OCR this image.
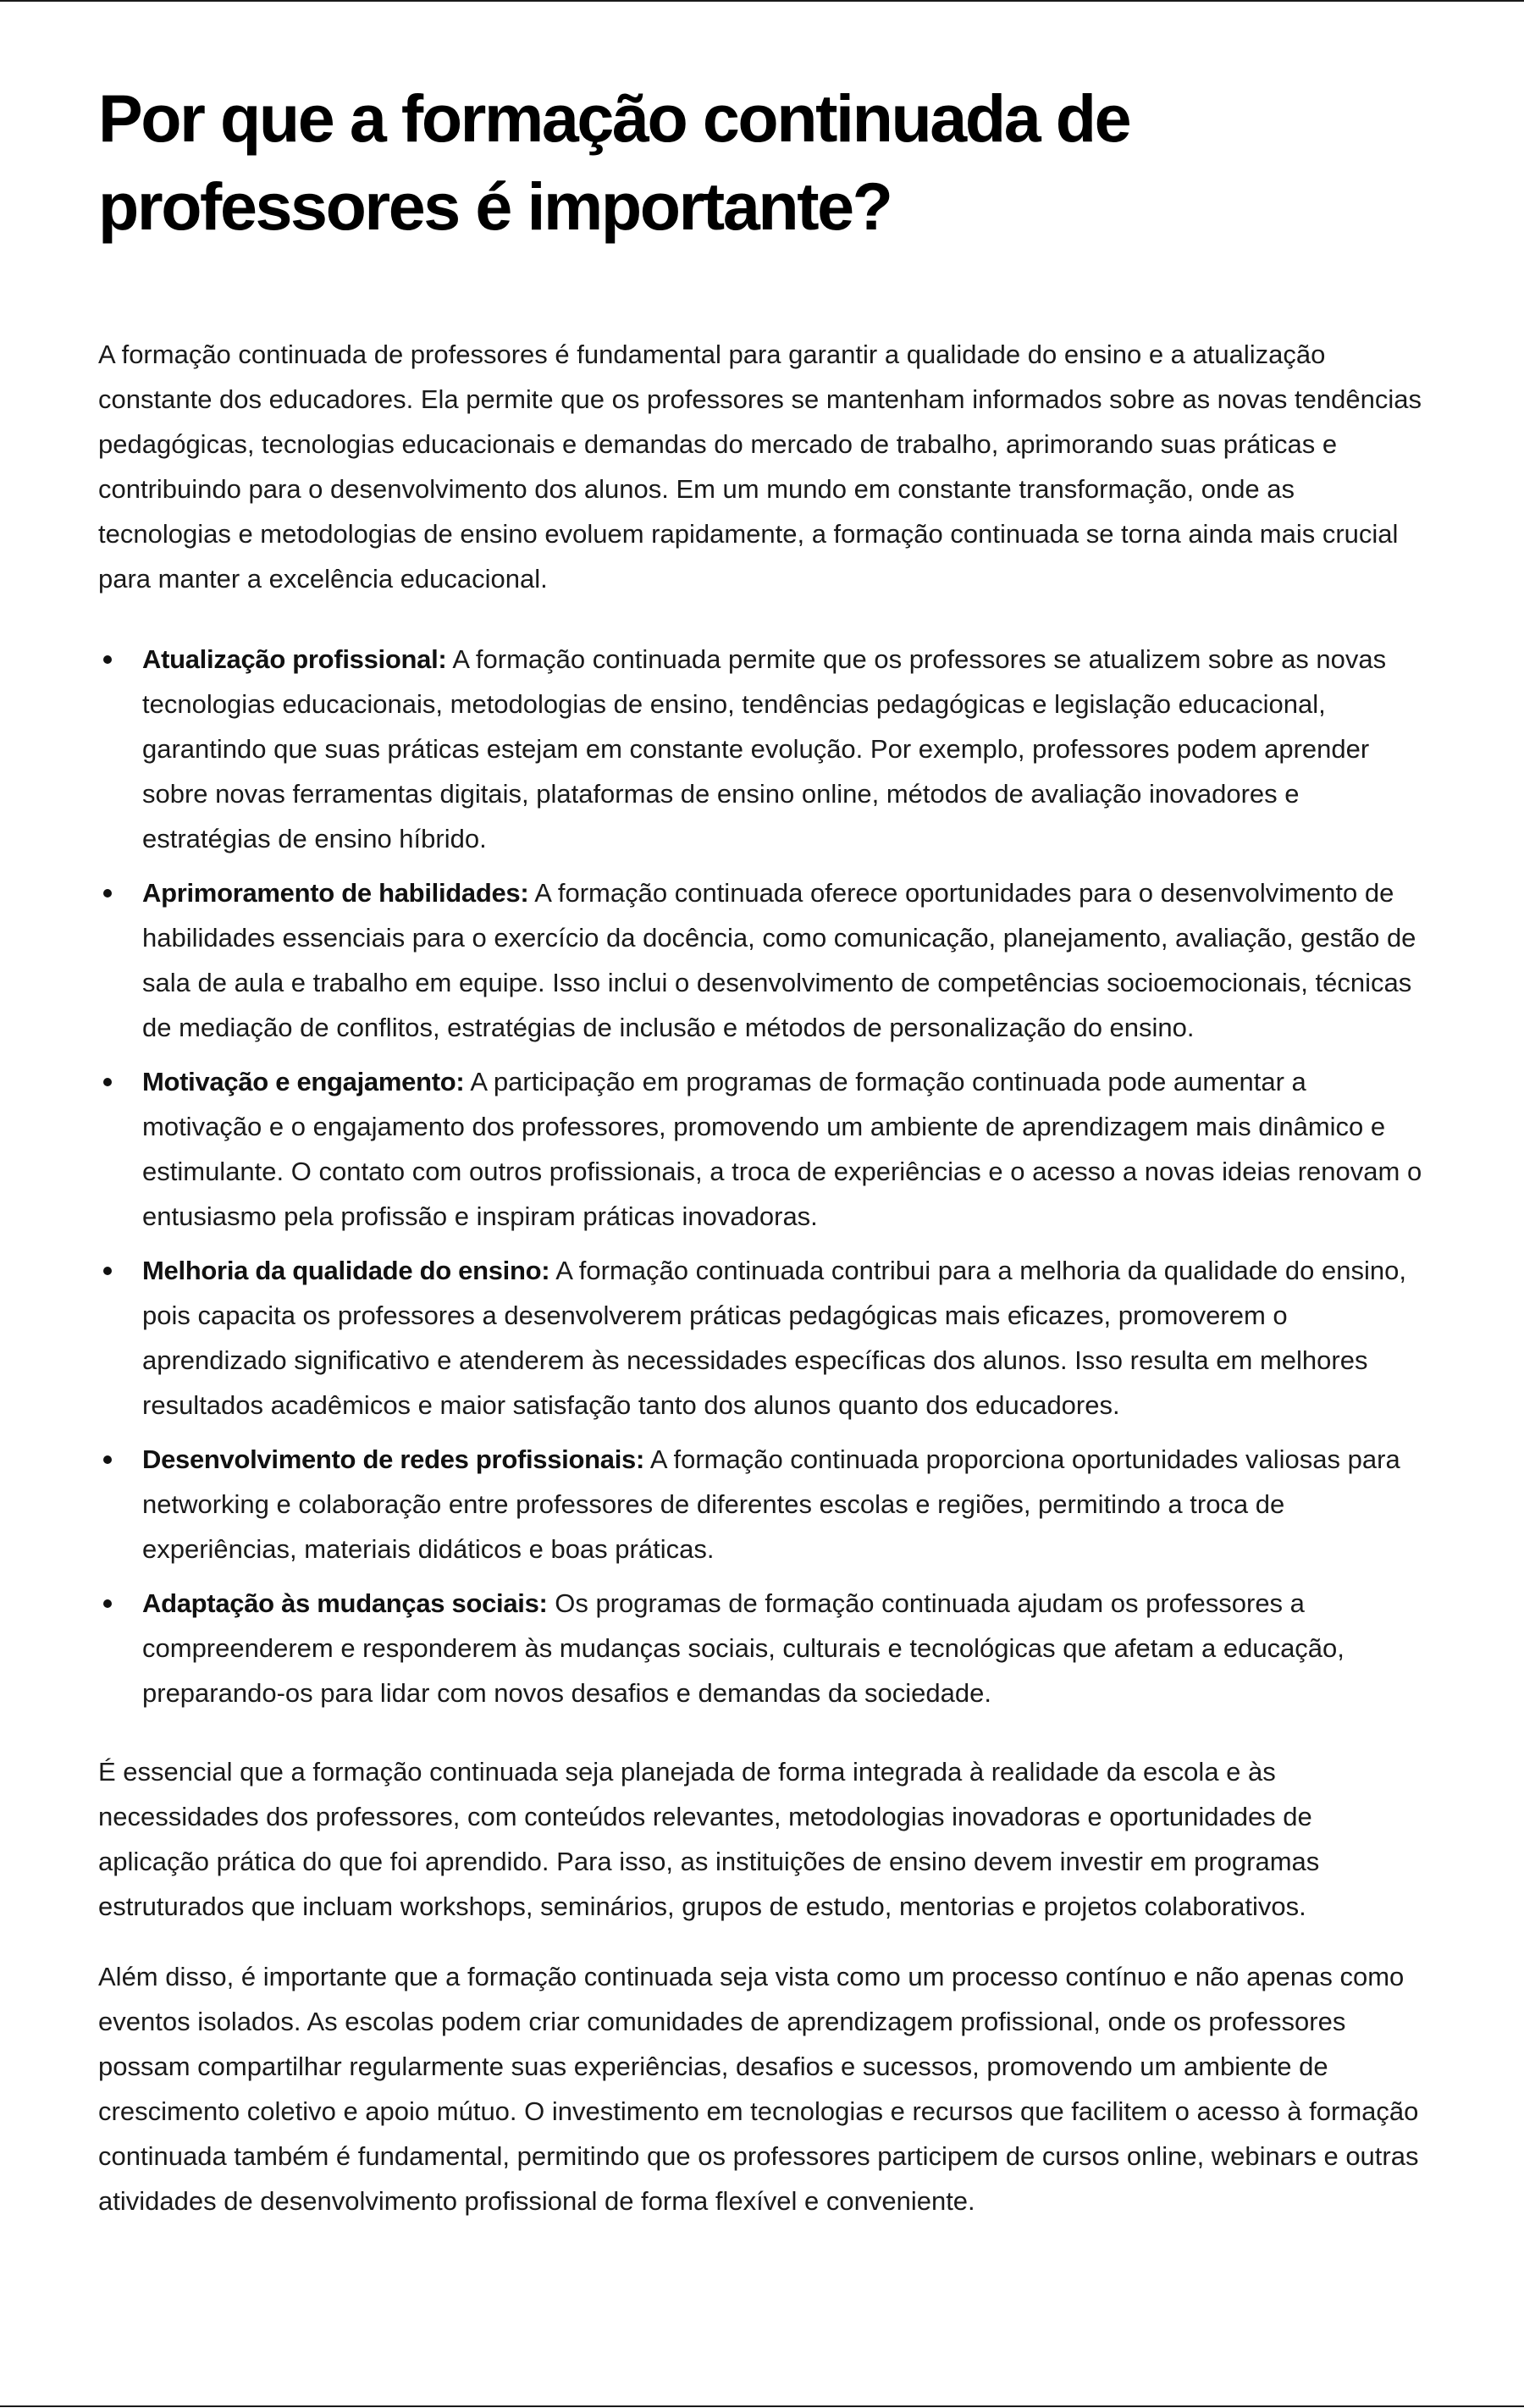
Por que a formação continuada de professores é importante?

A formação continuada de professores é fundamental para garantir a qualidade do ensino e a atualização constante dos educadores. Ela permite que os professores se mantenham informados sobre as novas tendências pedagógicas, tecnologias educacionais e demandas do mercado de trabalho, aprimorando suas práticas e contribuindo para o desenvolvimento dos alunos. Em um mundo em constante transformação, onde as tecnologias e metodologias de ensino evoluem rapidamente, a formação continuada se torna ainda mais crucial para manter a excelência educacional.

Atualização profissional: A formação continuada permite que os professores se atualizem sobre as novas tecnologias educacionais, metodologias de ensino, tendências pedagógicas e legislação educacional, garantindo que suas práticas estejam em constante evolução. Por exemplo, professores podem aprender sobre novas ferramentas digitais, plataformas de ensino online, métodos de avaliação inovadores e estratégias de ensino híbrido.
Aprimoramento de habilidades: A formação continuada oferece oportunidades para o desenvolvimento de habilidades essenciais para o exercício da docência, como comunicação, planejamento, avaliação, gestão de sala de aula e trabalho em equipe. Isso inclui o desenvolvimento de competências socioemocionais, técnicas de mediação de conflitos, estratégias de inclusão e métodos de personalização do ensino.
Motivação e engajamento: A participação em programas de formação continuada pode aumentar a motivação e o engajamento dos professores, promovendo um ambiente de aprendizagem mais dinâmico e estimulante. O contato com outros profissionais, a troca de experiências e o acesso a novas ideias renovam o entusiasmo pela profissão e inspiram práticas inovadoras.
Melhoria da qualidade do ensino: A formação continuada contribui para a melhoria da qualidade do ensino, pois capacita os professores a desenvolverem práticas pedagógicas mais eficazes, promoverem o aprendizado significativo e atenderem às necessidades específicas dos alunos. Isso resulta em melhores resultados acadêmicos e maior satisfação tanto dos alunos quanto dos educadores.
Desenvolvimento de redes profissionais: A formação continuada proporciona oportunidades valiosas para networking e colaboração entre professores de diferentes escolas e regiões, permitindo a troca de experiências, materiais didáticos e boas práticas.
Adaptação às mudanças sociais: Os programas de formação continuada ajudam os professores a compreenderem e responderem às mudanças sociais, culturais e tecnológicas que afetam a educação, preparando-os para lidar com novos desafios e demandas da sociedade.

É essencial que a formação continuada seja planejada de forma integrada à realidade da escola e às necessidades dos professores, com conteúdos relevantes, metodologias inovadoras e oportunidades de aplicação prática do que foi aprendido. Para isso, as instituições de ensino devem investir em programas estruturados que incluam workshops, seminários, grupos de estudo, mentorias e projetos colaborativos.

Além disso, é importante que a formação continuada seja vista como um processo contínuo e não apenas como eventos isolados. As escolas podem criar comunidades de aprendizagem profissional, onde os professores possam compartilhar regularmente suas experiências, desafios e sucessos, promovendo um ambiente de crescimento coletivo e apoio mútuo. O investimento em tecnologias e recursos que facilitem o acesso à formação continuada também é fundamental, permitindo que os professores participem de cursos online, webinars e outras atividades de desenvolvimento profissional de forma flexível e conveniente.
